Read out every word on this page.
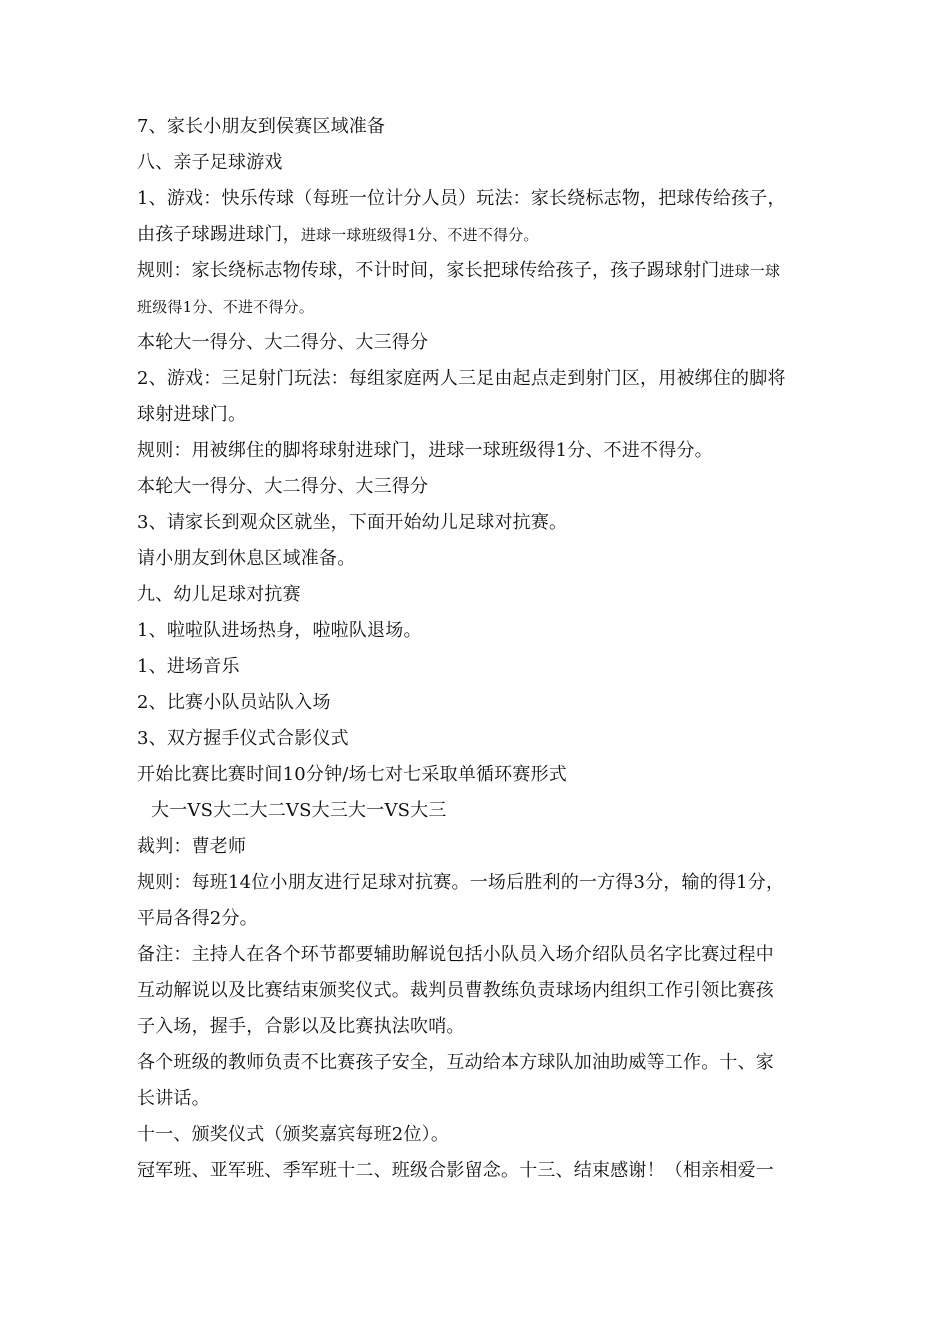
7、家长小朋友到侯赛区域准备
八、亲子足球游戏
1、游戏：快乐传球（每班一位计分人员）玩法：家长绕标志物，把球传给孩子，
由孩子球踢进球门，进球一球班级得1分、不进不得分。
规则：家长绕标志物传球，不计时间，家长把球传给孩子，孩子踢球射门进球一球
班级得1分、不进不得分。
本轮大一得分、大二得分、大三得分
2、游戏：三足射门玩法：每组家庭两人三足由起点走到射门区，用被绑住的脚将
球射进球门。
规则：用被绑住的脚将球射进球门，进球一球班级得1分、不进不得分。
本轮大一得分、大二得分、大三得分
3、请家长到观众区就坐，下面开始幼儿足球对抗赛。
请小朋友到休息区域准备。
九、幼儿足球对抗赛
1、啦啦队进场热身，啦啦队退场。
1、进场音乐
2、比赛小队员站队入场
3、双方握手仪式合影仪式
开始比赛比赛时间10分钟/场七对七采取单循环赛形式
大一VS大二大二VS大三大一VS大三
裁判：曹老师
规则：每班14位小朋友进行足球对抗赛。一场后胜利的一方得3分，输的得1分，
平局各得2分。
备注：主持人在各个环节都要辅助解说包括小队员入场介绍队员名字比赛过程中
互动解说以及比赛结束颁奖仪式。裁判员曹教练负责球场内组织工作引领比赛孩
子入场，握手，合影以及比赛执法吹哨。
各个班级的教师负责不比赛孩子安全，互动给本方球队加油助威等工作。十、家
长讲话。
十一、颁奖仪式（颁奖嘉宾每班2位）。
冠军班、亚军班、季军班十二、班级合影留念。十三、结束感谢！（相亲相爱一
